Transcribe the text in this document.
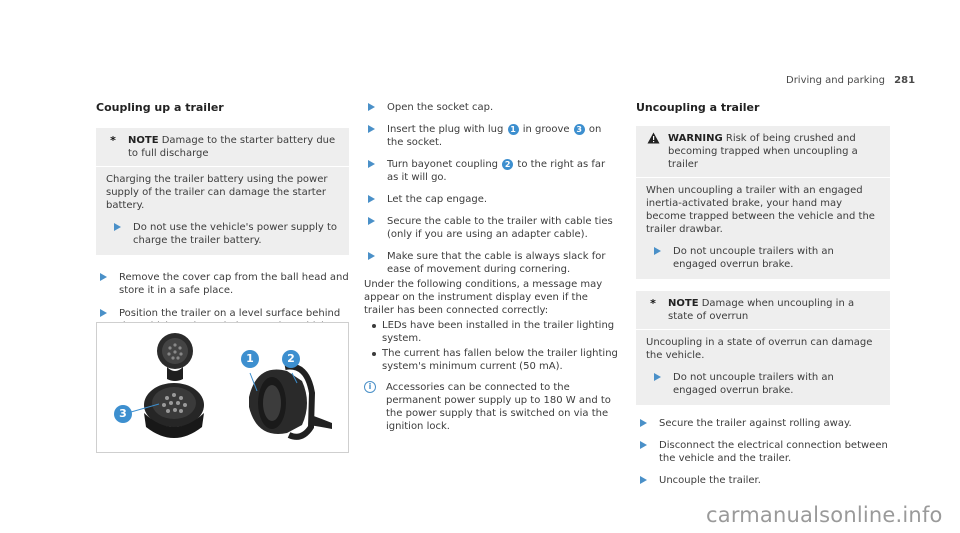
Driving and parking 281
Coupling up a trailer
*	NOTE Damage to the starter battery due to full discharge

Charging the trailer battery using the power supply of the trailer can damage the starter battery.

Do not use the vehicle's power supply to charge the trailer battery.

Remove the cover cap from the ball head and store it in a safe place.

Position the trailer on a level surface behind

1	2
3

Open the socket cap.

Insert the plug with lug 1 in groove 3 on the socket.

Turn bayonet coupling 2 to the right as far as it will go.

Let the cap engage.

Secure the cable to the trailer with cable ties (only if you are using an adapter cable).

Make sure that the cable is always slack for ease of movement during cornering.

Under the following conditions, a message may appear on the instrument display even if the trailer has been connected correctly:

LEDs have been installed in the trailer lighting system.
The current has fallen below the trailer lighting system's minimum current (50 mA).
i	Accessories can be connected to the permanent power supply up to 180 W and to the power supply that is switched on via the ignition lock.

Uncoupling a trailer

WARNING Risk of being crushed and becoming trapped when uncoupling a trailer

When uncoupling a trailer with an engaged inertia-activated brake, your hand may become trapped between the vehicle and the trailer drawbar.

Do not uncouple trailers with an engaged overrun brake.

*	NOTE Damage when uncoupling in a state of overrun

Uncoupling in a state of overrun can damage the vehicle.

Do not uncouple trailers with an engaged overrun brake.

Secure the trailer against rolling away.

Disconnect the electrical connection between the vehicle and the trailer.

Uncouple the trailer.

carmanualsonline.info
